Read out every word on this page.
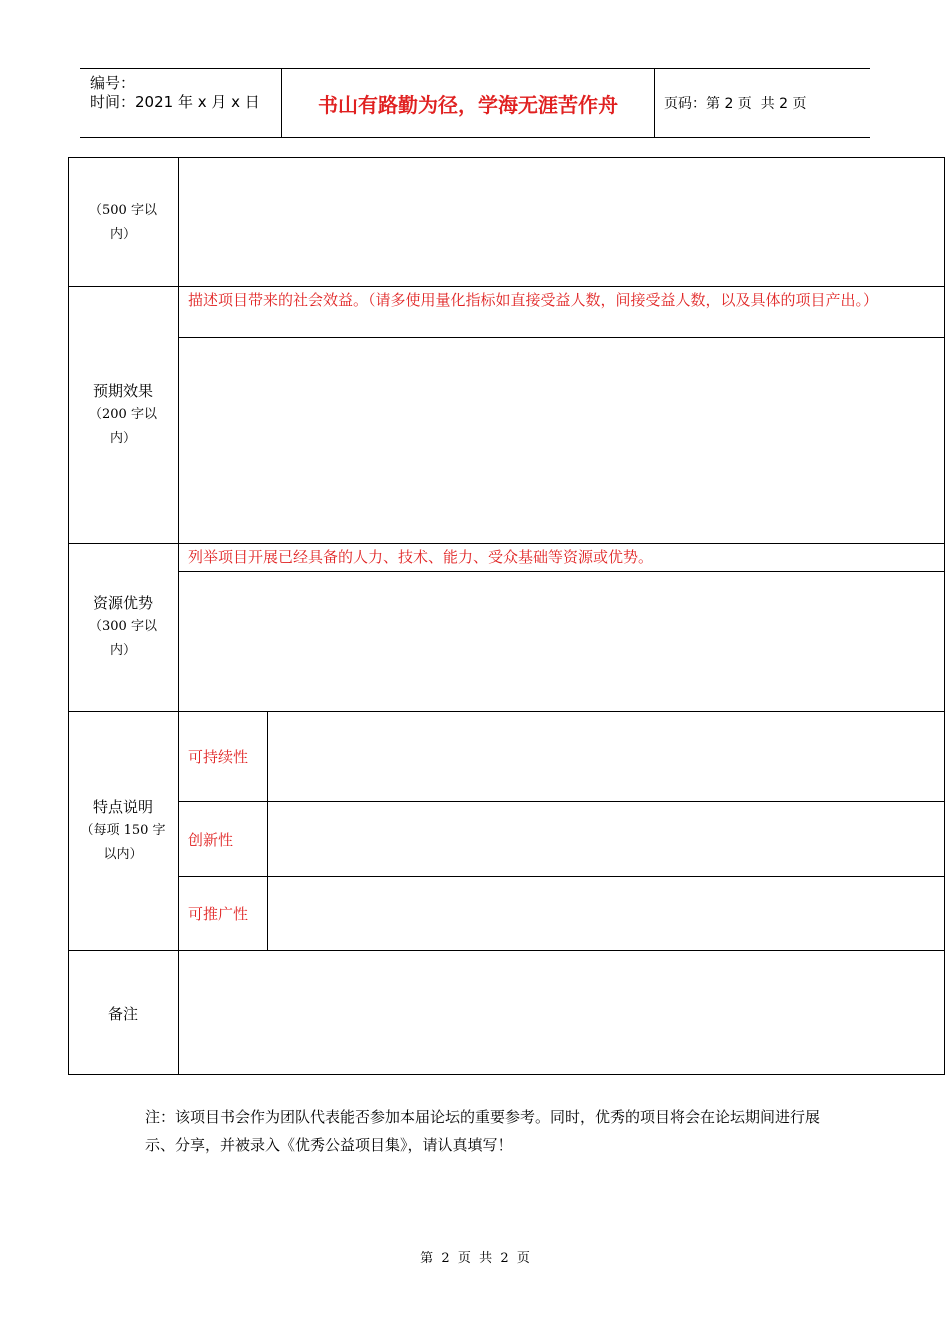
编号：
时间：2021 年 x 月 x 日	书山有路勤为径，学海无涯苦作舟	页码：第 2 页  共 2 页
（500 字以
内）
预期效果
（200 字以
内）
描述项目带来的社会效益。（请多使用量化指标如直接受益人数，间接受益人数，以及具体的项目产出。）
资源优势
（300 字以
内）
列举项目开展已经具备的人力、技术、能力、受众基础等资源或优势。
特点说明
（每项 150 字
以内）
可持续性
创新性
可推广性
备注
注：该项目书会作为团队代表能否参加本届论坛的重要参考。同时，优秀的项目将会在论坛期间进行展示、分享，并被录入《优秀公益项目集》，请认真填写！
第  2  页  共  2  页
